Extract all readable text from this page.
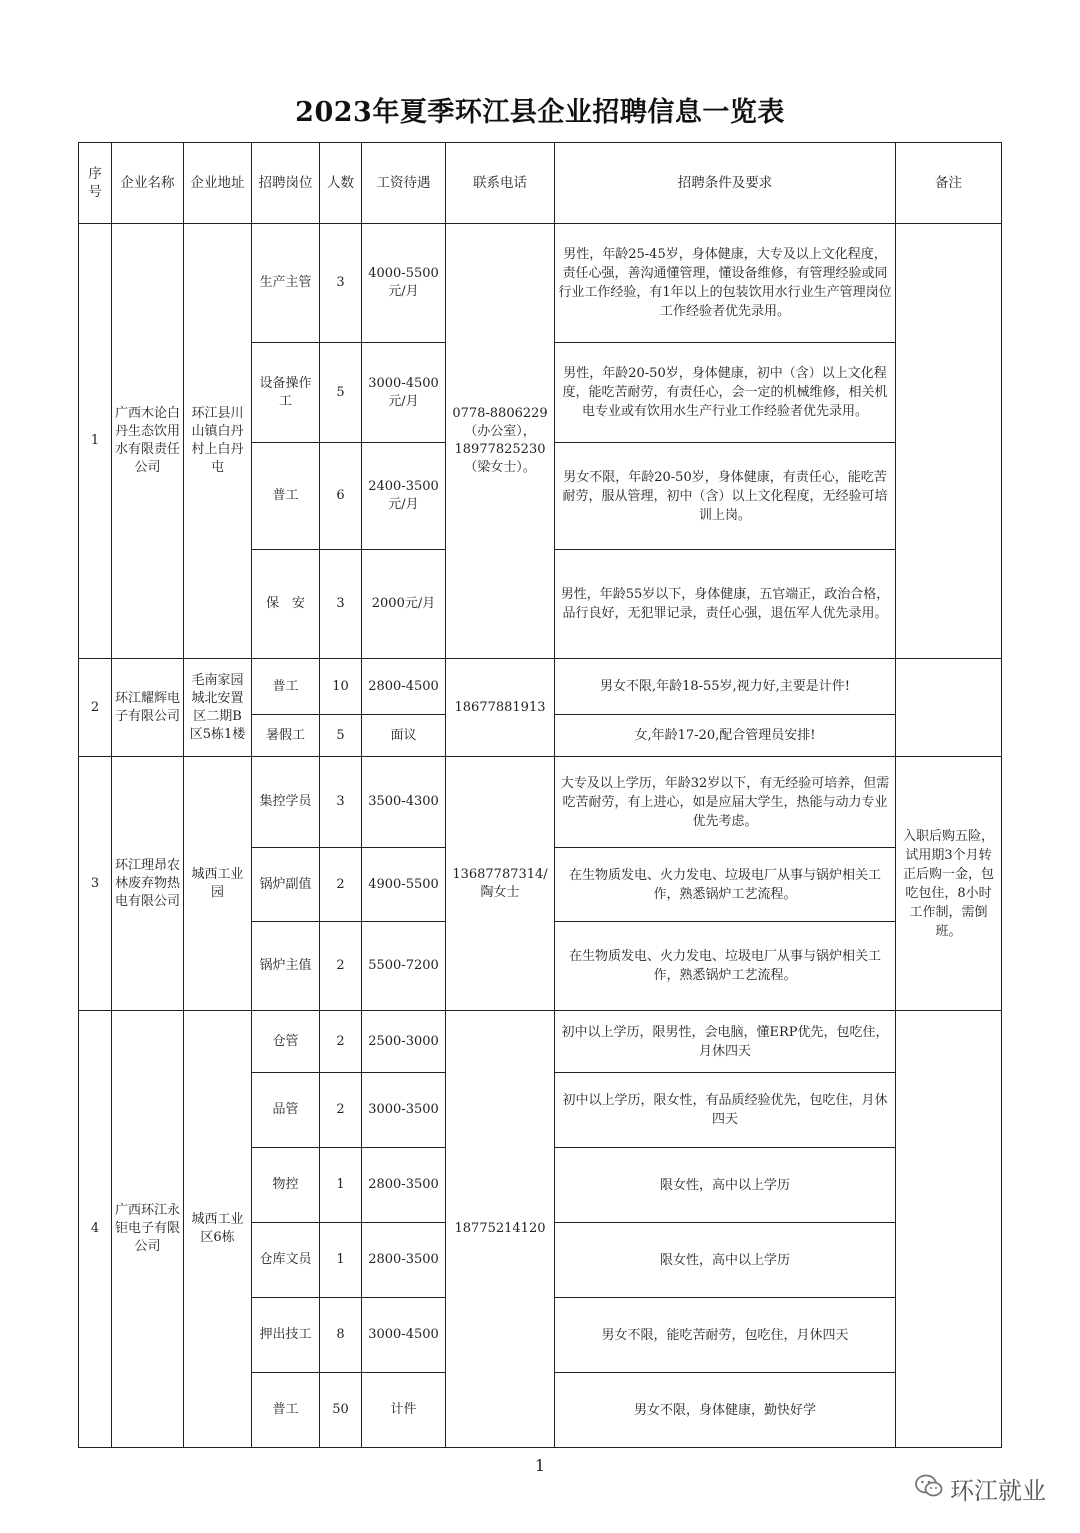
2023年夏季环江县企业招聘信息一览表
序号	企业名称	企业地址	招聘岗位	人数	工资待遇	联系电话	招聘条件及要求	备注
1	广西木论白丹生态饮用水有限责任公司	环江县川山镇白丹村上白丹屯	生产主管	3	4000-5500元/月	0778-8806229（办公室），18977825230（梁女士）。	男性，年龄25-45岁，身体健康，大专及以上文化程度，责任心强，善沟通懂管理，懂设备维修，有管理经验或同行业工作经验，有1年以上的包装饮用水行业生产管理岗位工作经验者优先录用。	
			设备操作工	5	3000-4500元/月		男性，年龄20-50岁，身体健康，初中（含）以上文化程度，能吃苦耐劳，有责任心，会一定的机械维修，相关机电专业或有饮用水生产行业工作经验者优先录用。	
			普工	6	2400-3500元/月		男女不限，年龄20-50岁，身体健康，有责任心，能吃苦耐劳，服从管理，初中（含）以上文化程度，无经验可培训上岗。	
			保　安	3	2000元/月		男性，年龄55岁以下，身体健康，五官端正，政治合格，品行良好，无犯罪记录，责任心强，退伍军人优先录用。	
2	环江耀辉电子有限公司	毛南家园城北安置区二期B区5栋1楼	普工	10	2800-4500	18677881913	男女不限,年龄18-55岁,视力好,主要是计件!	
			暑假工	5	面议		女,年龄17-20,配合管理员安排!	
3	环江理昂农林废弃物热电有限公司	城西工业园	集控学员	3	3500-4300	13687787314/陶女士	大专及以上学历，年龄32岁以下，有无经验可培养，但需吃苦耐劳，有上进心，如是应届大学生，热能与动力专业优先考虑。	入职后购五险，试用期3个月转正后购一金，包吃包住，8小时工作制，需倒班。
			锅炉副值	2	4900-5500		在生物质发电、火力发电、垃圾电厂从事与锅炉相关工作，熟悉锅炉工艺流程。	
			锅炉主值	2	5500-7200		在生物质发电、火力发电、垃圾电厂从事与锅炉相关工作，熟悉锅炉工艺流程。	
4	广西环江永钜电子有限公司	城西工业区6栋	仓管	2	2500-3000	18775214120	初中以上学历，限男性，会电脑，懂ERP优先，包吃住，月休四天	
			品管	2	3000-3500		初中以上学历，限女性，有品质经验优先，包吃住，月休四天	
			物控	1	2800-3500		限女性，高中以上学历	
			仓库文员	1	2800-3500		限女性，高中以上学历	
			押出技工	8	3000-4500		男女不限，能吃苦耐劳，包吃住，月休四天	
			普工	50	计件		男女不限，身体健康，勤快好学	
1
环江就业
